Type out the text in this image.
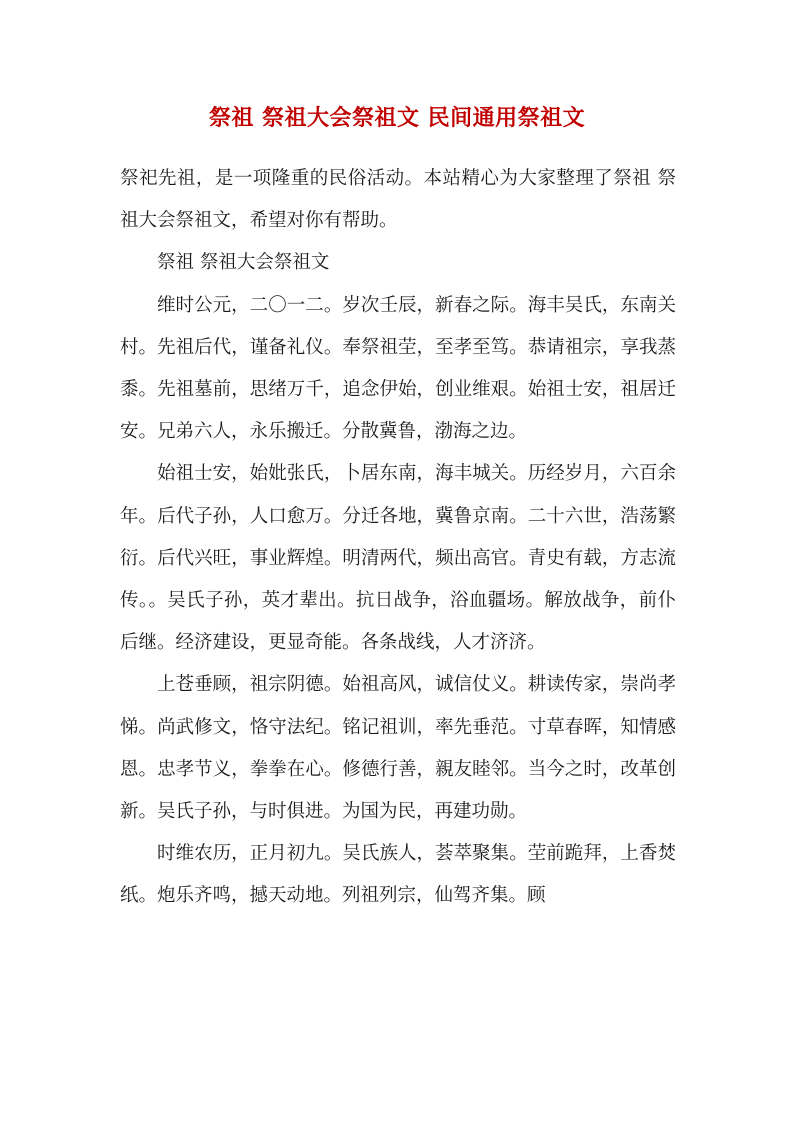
祭祖 祭祖大会祭祖文 民间通用祭祖文

祭祀先祖，是一项隆重的民俗活动。本站精心为大家整理了祭祖 祭祖大会祭祖文，希望对你有帮助。

祭祖 祭祖大会祭祖文

维时公元，二〇一二。岁次壬辰，新春之际。海丰吴氏，东南关村。先祖后代，谨备礼仪。奉祭祖茔，至孝至笃。恭请祖宗，享我蒸黍。先祖墓前，思绪万千，追念伊始，创业维艰。始祖士安，祖居迁安。兄弟六人，永乐搬迁。分散冀鲁，渤海之边。

始祖士安，始妣张氏，卜居东南，海丰城关。历经岁月，六百余年。后代子孙，人口愈万。分迁各地，冀鲁京南。二十六世，浩荡繁衍。后代兴旺，事业辉煌。明清两代，频出高官。青史有载，方志流传。。吴氏子孙，英才辈出。抗日战争，浴血疆场。解放战争，前仆后继。经济建设，更显奇能。各条战线，人才济济。

上苍垂顾，祖宗阴德。始祖高风，诚信仗义。耕读传家，崇尚孝悌。尚武修文，恪守法纪。铭记祖训，率先垂范。寸草春晖，知情感恩。忠孝节义，拳拳在心。修德行善，親友睦邻。当今之时，改革创新。吴氏子孙，与时俱进。为国为民，再建功勋。

时维农历，正月初九。吴氏族人，荟萃聚集。茔前跪拜，上香焚纸。炮乐齐鸣，撼天动地。列祖列宗，仙驾齐集。顾
